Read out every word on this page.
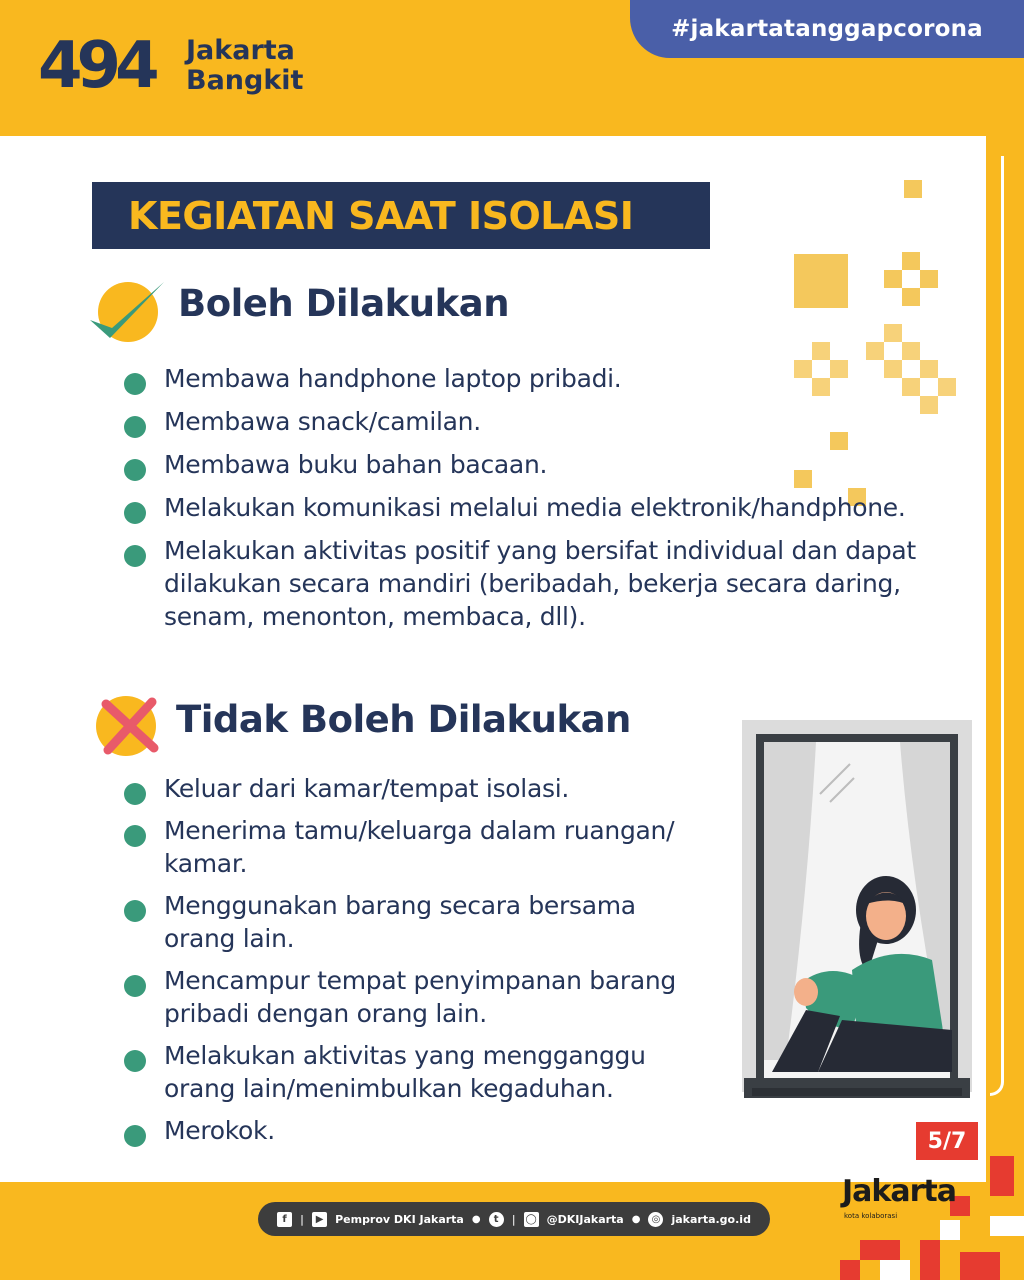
494 Jakarta
Bangkit
#jakartatanggapcorona
KEGIATAN SAAT ISOLASI
Boleh Dilakukan
Membawa handphone laptop pribadi.
Membawa snack/camilan.
Membawa buku bahan bacaan.
Melakukan komunikasi melalui media elektronik/handphone.
Melakukan aktivitas positif yang bersifat individual dan dapat dilakukan secara mandiri (beribadah, bekerja secara daring, senam, menonton, membaca, dll).
Tidak Boleh Dilakukan
Keluar dari kamar/tempat isolasi.
Menerima tamu/keluarga dalam ruangan/ kamar.
Menggunakan barang secara bersama orang lain.
Mencampur tempat penyimpanan barang pribadi dengan orang lain.
Melakukan aktivitas yang mengganggu orang lain/menimbulkan kegaduhan.
Merokok.	5/7
f	|	▶	Pemprov DKI Jakarta ●	t	| ◯ @DKIJakarta ●	◎ jakarta.go.id
Jakarta
kota kolaborasi
